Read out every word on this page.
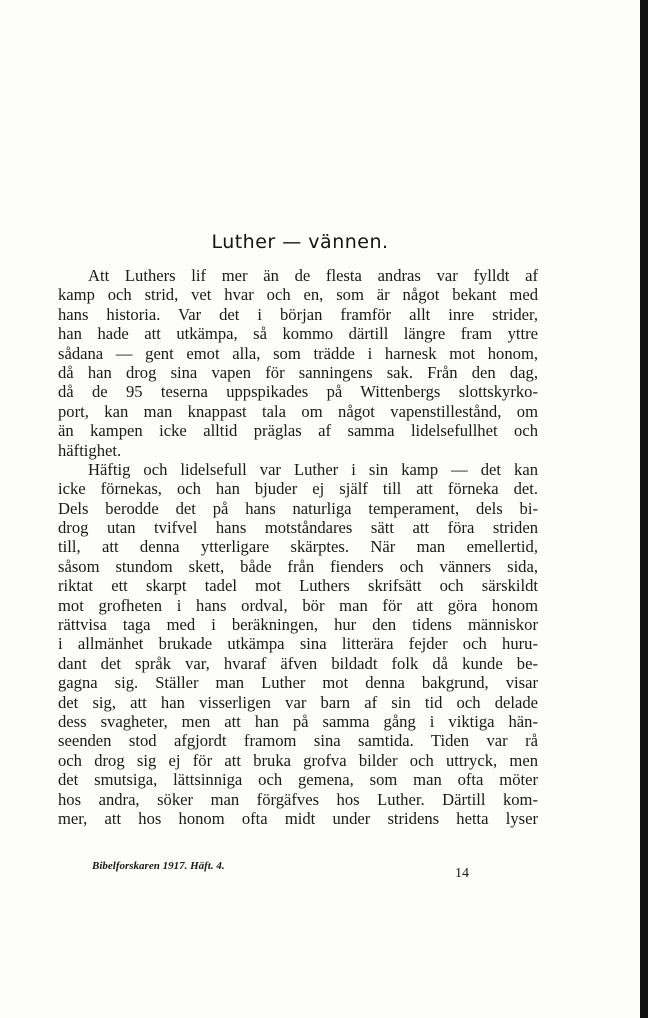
Luther — vännen.
Att Luthers lif mer än de flesta andras var fylldt af
kamp och strid, vet hvar och en, som är något bekant med
hans historia. Var det i början framför allt inre strider,
han hade att utkämpa, så kommo därtill längre fram yttre
sådana — gent emot alla, som trädde i harnesk mot honom,
då han drog sina vapen för sanningens sak. Från den dag,
då de 95 teserna uppspikades på Wittenbergs slottskyrko-
port, kan man knappast tala om något vapenstillestånd, om
än kampen icke alltid präglas af samma lidelsefullhet och
häftighet.
Häftig och lidelsefull var Luther i sin kamp — det kan
icke förnekas, och han bjuder ej själf till att förneka det.
Dels berodde det på hans naturliga temperament, dels bi-
drog utan tvifvel hans motståndares sätt att föra striden
till, att denna ytterligare skärptes. När man emellertid,
såsom stundom skett, både från fienders och vänners sida,
riktat ett skarpt tadel mot Luthers skrifsätt och särskildt
mot grofheten i hans ordval, bör man för att göra honom
rättvisa taga med i beräkningen, hur den tidens människor
i allmänhet brukade utkämpa sina litterära fejder och huru-
dant det språk var, hvaraf äfven bildadt folk då kunde be-
gagna sig. Ställer man Luther mot denna bakgrund, visar
det sig, att han visserligen var barn af sin tid och delade
dess svagheter, men att han på samma gång i viktiga hän-
seenden stod afgjordt framom sina samtida. Tiden var rå
och drog sig ej för att bruka grofva bilder och uttryck, men
det smutsiga, lättsinniga och gemena, som man ofta möter
hos andra, söker man förgäfves hos Luther. Därtill kom-
mer, att hos honom ofta midt under stridens hetta lyser
Bibelforskaren 1917. Häft. 4.	14
